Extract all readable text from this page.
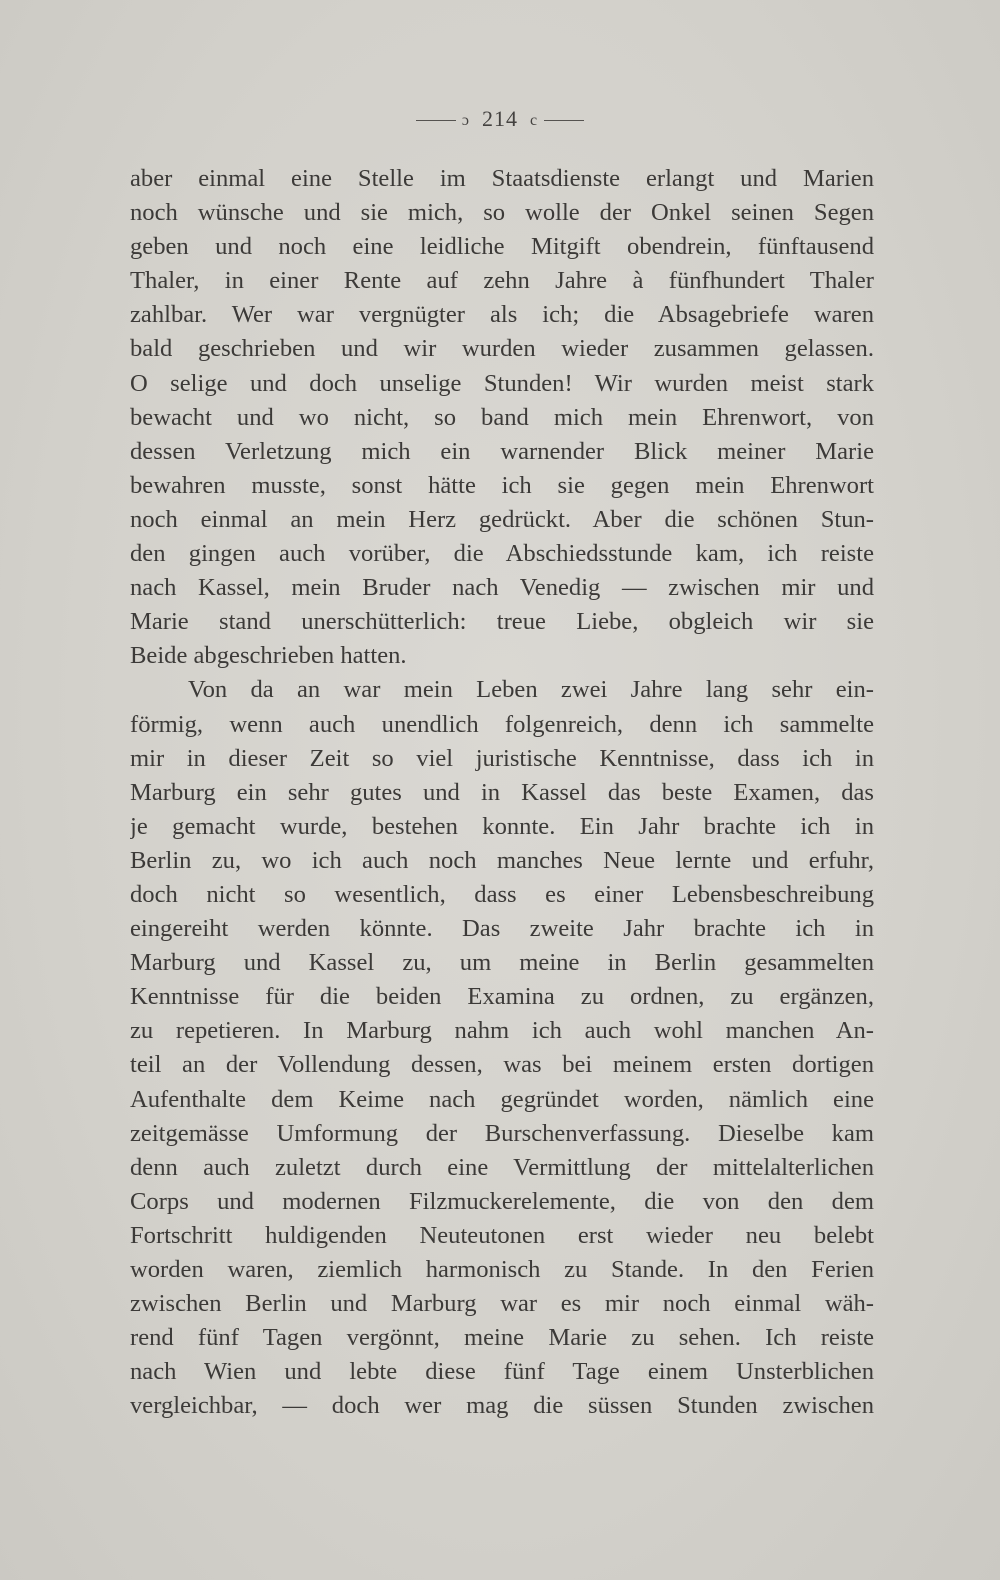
ɔ 214 c
aber einmal eine Stelle im Staatsdienste erlangt und Marien
noch wünsche und sie mich, so wolle der Onkel seinen Segen
geben und noch eine leidliche Mitgift obendrein, fünftausend
Thaler, in einer Rente auf zehn Jahre à fünfhundert Thaler
zahlbar. Wer war vergnügter als ich; die Absagebriefe waren
bald geschrieben und wir wurden wieder zusammen gelassen.
O selige und doch unselige Stunden! Wir wurden meist stark
bewacht und wo nicht, so band mich mein Ehrenwort, von
dessen Verletzung mich ein warnender Blick meiner Marie
bewahren musste, sonst hätte ich sie gegen mein Ehrenwort
noch einmal an mein Herz gedrückt. Aber die schönen Stun-
den gingen auch vorüber, die Abschiedsstunde kam, ich reiste
nach Kassel, mein Bruder nach Venedig — zwischen mir und
Marie stand unerschütterlich: treue Liebe, obgleich wir sie
Beide abgeschrieben hatten.
Von da an war mein Leben zwei Jahre lang sehr ein-
förmig, wenn auch unendlich folgenreich, denn ich sammelte
mir in dieser Zeit so viel juristische Kenntnisse, dass ich in
Marburg ein sehr gutes und in Kassel das beste Examen, das
je gemacht wurde, bestehen konnte. Ein Jahr brachte ich in
Berlin zu, wo ich auch noch manches Neue lernte und erfuhr,
doch nicht so wesentlich, dass es einer Lebensbeschreibung
eingereiht werden könnte. Das zweite Jahr brachte ich in
Marburg und Kassel zu, um meine in Berlin gesammelten
Kenntnisse für die beiden Examina zu ordnen, zu ergänzen,
zu repetieren. In Marburg nahm ich auch wohl manchen An-
teil an der Vollendung dessen, was bei meinem ersten dortigen
Aufenthalte dem Keime nach gegründet worden, nämlich eine
zeitgemässe Umformung der Burschenverfassung. Dieselbe kam
denn auch zuletzt durch eine Vermittlung der mittelalterlichen
Corps und modernen Filzmuckerelemente, die von den dem
Fortschritt huldigenden Neuteutonen erst wieder neu belebt
worden waren, ziemlich harmonisch zu Stande. In den Ferien
zwischen Berlin und Marburg war es mir noch einmal wäh-
rend fünf Tagen vergönnt, meine Marie zu sehen. Ich reiste
nach Wien und lebte diese fünf Tage einem Unsterblichen
vergleichbar, — doch wer mag die süssen Stunden zwischen
